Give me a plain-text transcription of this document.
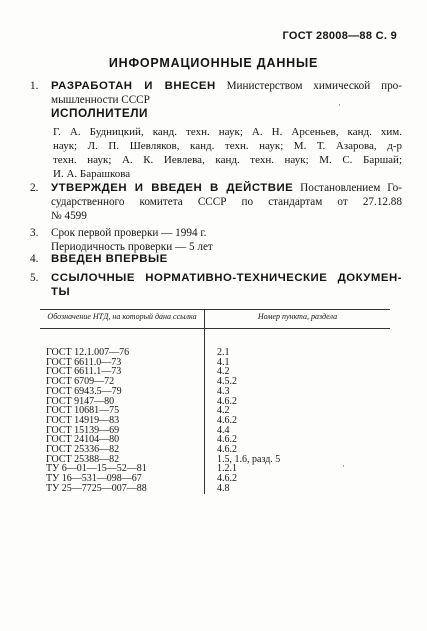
ГОСТ 28008—88 С. 9
ИНФОРМАЦИОННЫЕ ДАННЫЕ
1.	РАЗРАБОТАН И ВНЕСЕН Министерством химической про-
мышленности СССР
ИСПОЛНИТЕЛИ
Г. А. Будницкий, канд. техн. наук; А. Н. Арсеньев, канд. хим.
наук; Л. П. Шевляков, канд. техн. наук; М. Т. Азарова, д-р
техн. наук; А. К. Иевлева, канд. техн. наук; М. С. Баршай;
И. А. Барашкова
2.	УТВЕРЖДЕН И ВВЕДЕН В ДЕЙСТВИЕ Постановлением Го-
сударственного комитета СССР по стандартам от 27.12.88
№ 4599
3.	Срок первой проверки — 1994 г.
Периодичность проверки — 5 лет
4.	ВВЕДЕН ВПЕРВЫЕ
5.	ССЫЛОЧНЫЕ НОРМАТИВНО-ТЕХНИЧЕСКИЕ ДОКУМЕН-
ТЫ
Обозначение НТД, на который дана ссылка	Номер пункта, раздела
ГОСТ 12.1.007—76	2.1
ГОСТ 6611.0—73	4.1
ГОСТ 6611.1—73	4.2
ГОСТ 6709—72	4.5.2
ГОСТ 6943.5—79	4.3
ГОСТ 9147—80	4.6.2
ГОСТ 10681—75	4.2
ГОСТ 14919—83	4.6.2
ГОСТ 15139—69	4.4
ГОСТ 24104—80	4.6.2
ГОСТ 25336—82	4.6.2
ГОСТ 25388—82	1.5, 1.6, разд. 5
ТУ 6—01—15—52—81	1.2.1
ТУ 16—531—098—67	4.6.2
ТУ 25—7725—007—88	4.8
·
·
